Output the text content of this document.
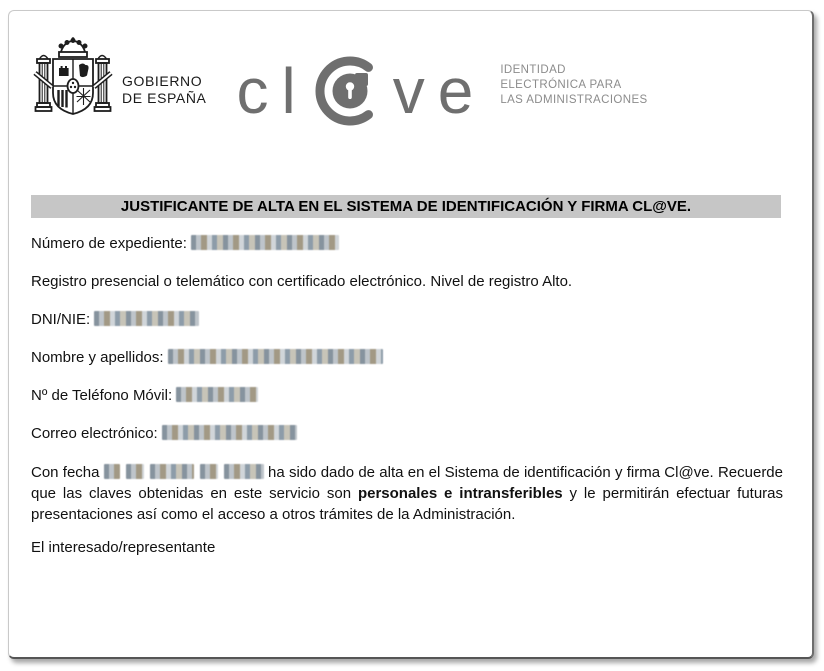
GOBIERNO
DE ESPAÑA cl ve IDENTIDAD
ELECTRÓNICA PARA
LAS ADMINISTRACIONES
JUSTIFICANTE DE ALTA EN EL SISTEMA DE IDENTIFICACIÓN Y FIRMA CL@VE.
Número de expediente:
Registro presencial o telemático con certificado electrónico. Nivel de registro Alto.
DNI/NIE:
Nombre y apellidos:
Nº de Teléfono Móvil:
Correo electrónico:

Con fecha	ha sido dado de alta en el Sistema de identificación y firma Cl@ve. Recuerde que las claves obtenidas en este servicio son personales e intransferibles y le permitirán efectuar futuras presentaciones así como el acceso a otros trámites de la Administración.

El interesado/representante
